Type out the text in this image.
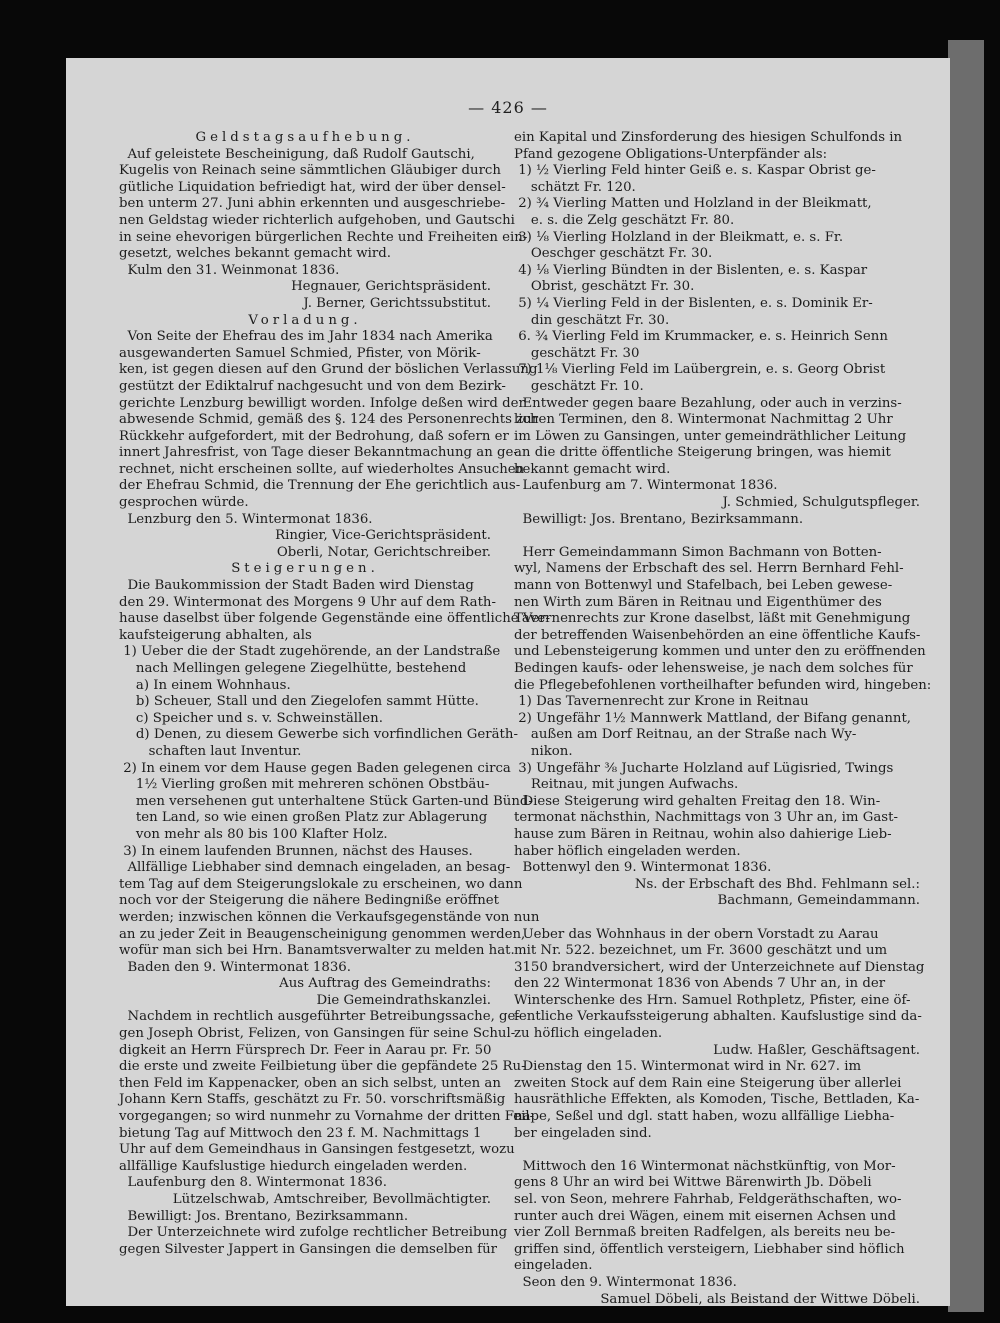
— 426 —

Geldstagsaufhebung.

Auf geleistete Bescheinigung, daß Rudolf Gautschi,
Kugelis von Reinach seine sämmtlichen Gläubiger durch
gütliche Liquidation befriedigt hat, wird der über densel-
ben unterm 27. Juni abhin erkennten und ausgeschriebe-
nen Geldstag wieder richterlich aufgehoben, und Gautschi
in seine ehevorigen bürgerlichen Rechte und Freiheiten ein-
gesetzt, welches bekannt gemacht wird.
Kulm den 31. Weinmonat 1836.

Hegnauer, Gerichtspräsident.
J. Berner, Gerichtssubstitut.

Vorladung.

Von Seite der Ehefrau des im Jahr 1834 nach Amerika
ausgewanderten Samuel Schmied, Pfister, von Mörik-
ken, ist gegen diesen auf den Grund der böslichen Verlassung
gestützt der Ediktalruf nachgesucht und von dem Bezirk-
gerichte Lenzburg bewilligt worden. Infolge deßen wird der
abwesende Schmid, gemäß des §. 124 des Personenrechts zur
Rückkehr aufgefordert, mit der Bedrohung, daß sofern er
innert Jahresfrist, von Tage dieser Bekanntmachung an ge-
rechnet, nicht erscheinen sollte, auf wiederholtes Ansuchen
der Ehefrau Schmid, die Trennung der Ehe gerichtlich aus-
gesprochen würde.
Lenzburg den 5. Wintermonat 1836.

Ringier, Vice-Gerichtspräsident.
Oberli, Notar, Gerichtschreiber.

Steigerungen.

Die Baukommission der Stadt Baden wird Dienstag
den 29. Wintermonat des Morgens 9 Uhr auf dem Rath-
hause daselbst über folgende Gegenstände eine öffentliche Ver-
kaufsteigerung abhalten, als
1) Ueber die der Stadt zugehörende, an der Landstraße
nach Mellingen gelegene Ziegelhütte, bestehend
a) In einem Wohnhaus.
b) Scheuer, Stall und den Ziegelofen sammt Hütte.
c) Speicher und s. v. Schweinställen.
d) Denen, zu diesem Gewerbe sich vorfindlichen Geräth-
schaften laut Inventur.
2) In einem vor dem Hause gegen Baden gelegenen circa
1½ Vierling großen mit mehreren schönen Obstbäu-
men versehenen gut unterhaltene Stück Garten-und Bünd-
ten Land, so wie einen großen Platz zur Ablagerung
von mehr als 80 bis 100 Klafter Holz.
3) In einem laufenden Brunnen, nächst des Hauses.
Allfällige Liebhaber sind demnach eingeladen, an besag-
tem Tag auf dem Steigerungslokale zu erscheinen, wo dann
noch vor der Steigerung die nähere Bedingniße eröffnet
werden; inzwischen können die Verkaufsgegenstände von nun
an zu jeder Zeit in Beaugenscheinigung genommen werden,
wofür man sich bei Hrn. Banamtsverwalter zu melden hat.
Baden den 9. Wintermonat 1836.

Aus Auftrag des Gemeindraths:
Die Gemeindrathskanzlei.

Nachdem in rechtlich ausgeführter Betreibungssache, ge-
gen Joseph Obrist, Felizen, von Gansingen für seine Schul-
digkeit an Herrn Fürsprech Dr. Feer in Aarau pr. Fr. 50
die erste und zweite Feilbietung über die gepfändete 25 Ru-
then Feld im Kappenacker, oben an sich selbst, unten an
Johann Kern Staffs, geschätzt zu Fr. 50. vorschriftsmäßig
vorgegangen; so wird nunmehr zu Vornahme der dritten Feil-
bietung Tag auf Mittwoch den 23 f. M. Nachmittags 1
Uhr auf dem Gemeindhaus in Gansingen festgesetzt, wozu
allfällige Kaufslustige hiedurch eingeladen werden.
Laufenburg den 8. Wintermonat 1836.

Lützelschwab, Amtschreiber, Bevollmächtigter.

Bewilligt: Jos. Brentano, Bezirksammann.
Der Unterzeichnete wird zufolge rechtlicher Betreibung
gegen Silvester Jappert in Gansingen die demselben für

ein Kapital und Zinsforderung des hiesigen Schulfonds in
Pfand gezogene Obligations-Unterpfänder als:
1) ½ Vierling Feld hinter Geiß e. s. Kaspar Obrist ge-
schätzt Fr. 120.
2) ¾ Vierling Matten und Holzland in der Bleikmatt,
e. s. die Zelg geschätzt Fr. 80.
3) ⅛ Vierling Holzland in der Bleikmatt, e. s. Fr.
Oeschger geschätzt Fr. 30.
4) ⅛ Vierling Bündten in der Bislenten, e. s. Kaspar
Obrist, geschätzt Fr. 30.
5) ¼ Vierling Feld in der Bislenten, e. s. Dominik Er-
din geschätzt Fr. 30.
6. ¾ Vierling Feld im Krummacker, e. s. Heinrich Senn
geschätzt Fr. 30
7) 1⅛ Vierling Feld im Laübergrein, e. s. Georg Obrist
geschätzt Fr. 10.
Entweder gegen baare Bezahlung, oder auch in verzins-
lichen Terminen, den 8. Wintermonat Nachmittag 2 Uhr
im Löwen zu Gansingen, unter gemeindräthlicher Leitung
an die dritte öffentliche Steigerung bringen, was hiemit
bekannt gemacht wird.
Laufenburg am 7. Wintermonat 1836.

J. Schmied, Schulgutspfleger.

Bewilligt: Jos. Brentano, Bezirksammann.

Herr Gemeindammann Simon Bachmann von Botten-
wyl, Namens der Erbschaft des sel. Herrn Bernhard Fehl-
mann von Bottenwyl und Stafelbach, bei Leben gewese-
nen Wirth zum Bären in Reitnau und Eigenthümer des
Tavernenrechts zur Krone daselbst, läßt mit Genehmigung
der betreffenden Waisenbehörden an eine öffentliche Kaufs-
und Lebensteigerung kommen und unter den zu eröffnenden
Bedingen kaufs- oder lehensweise, je nach dem solches für
die Pflegebefohlenen vortheilhafter befunden wird, hingeben:
1) Das Tavernenrecht zur Krone in Reitnau
2) Ungefähr 1½ Mannwerk Mattland, der Bifang genannt,
außen am Dorf Reitnau, an der Straße nach Wy-
nikon.
3) Ungefähr ⅜ Jucharte Holzland auf Lügisried, Twings
Reitnau, mit jungen Aufwachs.
Diese Steigerung wird gehalten Freitag den 18. Win-
termonat nächsthin, Nachmittags von 3 Uhr an, im Gast-
hause zum Bären in Reitnau, wohin also dahierige Lieb-
haber höflich eingeladen werden.
Bottenwyl den 9. Wintermonat 1836.

Ns. der Erbschaft des Bhd. Fehlmann sel.:
Bachmann, Gemeindammann.

Ueber das Wohnhaus in der obern Vorstadt zu Aarau
mit Nr. 522. bezeichnet, um Fr. 3600 geschätzt und um
3150 brandversichert, wird der Unterzeichnete auf Dienstag
den 22 Wintermonat 1836 von Abends 7 Uhr an, in der
Winterschenke des Hrn. Samuel Rothpletz, Pfister, eine öf-
fentliche Verkaufssteigerung abhalten. Kaufslustige sind da-
zu höflich eingeladen.

Ludw. Haßler, Geschäftsagent.

Dienstag den 15. Wintermonat wird in Nr. 627. im
zweiten Stock auf dem Rain eine Steigerung über allerlei
hausräthliche Effekten, als Komoden, Tische, Bettladen, Ka-
nape, Seßel und dgl. statt haben, wozu allfällige Liebha-
ber eingeladen sind.

Mittwoch den 16 Wintermonat nächstkünftig, von Mor-
gens 8 Uhr an wird bei Wittwe Bärenwirth Jb. Döbeli
sel. von Seon, mehrere Fahrhab, Feldgeräthschaften, wo-
runter auch drei Wägen, einem mit eisernen Achsen und
vier Zoll Bernmaß breiten Radfelgen, als bereits neu be-
griffen sind, öffentlich versteigern, Liebhaber sind höflich
eingeladen.
Seon den 9. Wintermonat 1836.

Samuel Döbeli, als Beistand der Wittwe Döbeli.
